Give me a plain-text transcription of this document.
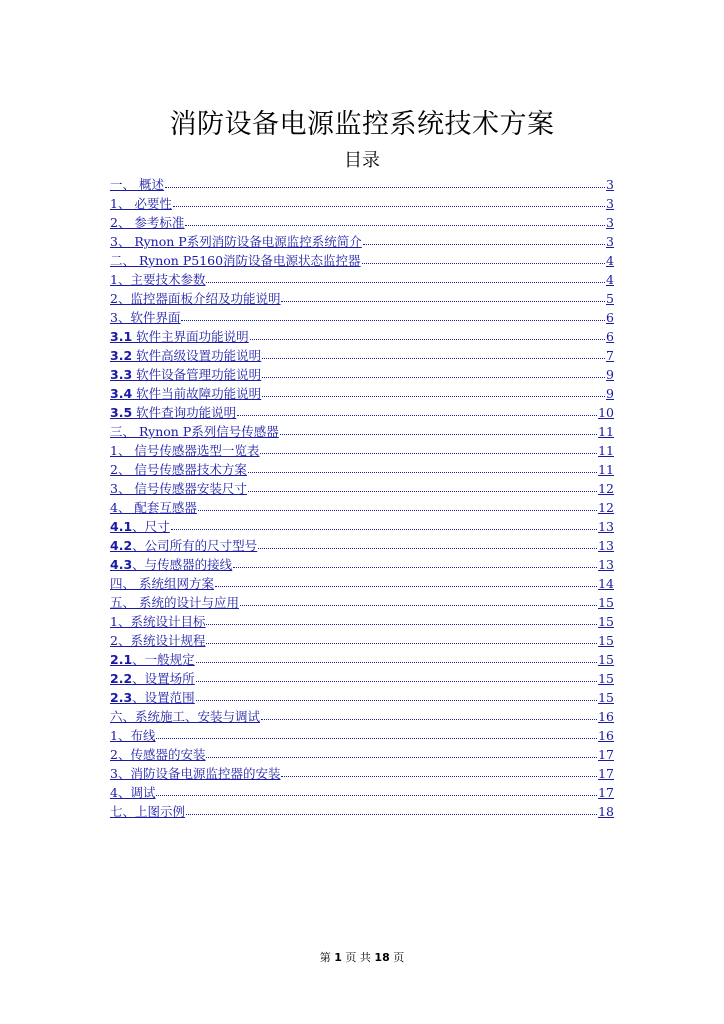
消防设备电源监控系统技术方案
目录
一、 概述	3
1、 必要性	3
2、 参考标准	3
3、 Rynon P系列消防设备电源监控系统简介	3
二、 Rynon P5160消防设备电源状态监控器	4
1、主要技术参数	4
2、监控器面板介绍及功能说明	5
3、软件界面	6
3.1 软件主界面功能说明	6
3.2 软件高级设置功能说明	7
3.3 软件设备管理功能说明	9
3.4 软件当前故障功能说明	9
3.5 软件查询功能说明	10
三、 Rynon P系列信号传感器	11
1、 信号传感器选型一览表	11
2、 信号传感器技术方案	11
3、 信号传感器安装尺寸	12
4、 配套互感器	12
4.1、尺寸	13
4.2、公司所有的尺寸型号	13
4.3、与传感器的接线	13
四、 系统组网方案	14
五、 系统的设计与应用	15
1、系统设计目标	15
2、系统设计规程	15
2.1、一般规定	15
2.2、设置场所	15
2.3、设置范围	15
六、系统施工、安装与调试	16
1、布线	16
2、传感器的安装	17
3、消防设备电源监控器的安装	17
4、调试	17
七、上图示例	18
第 1 页 共 18 页
